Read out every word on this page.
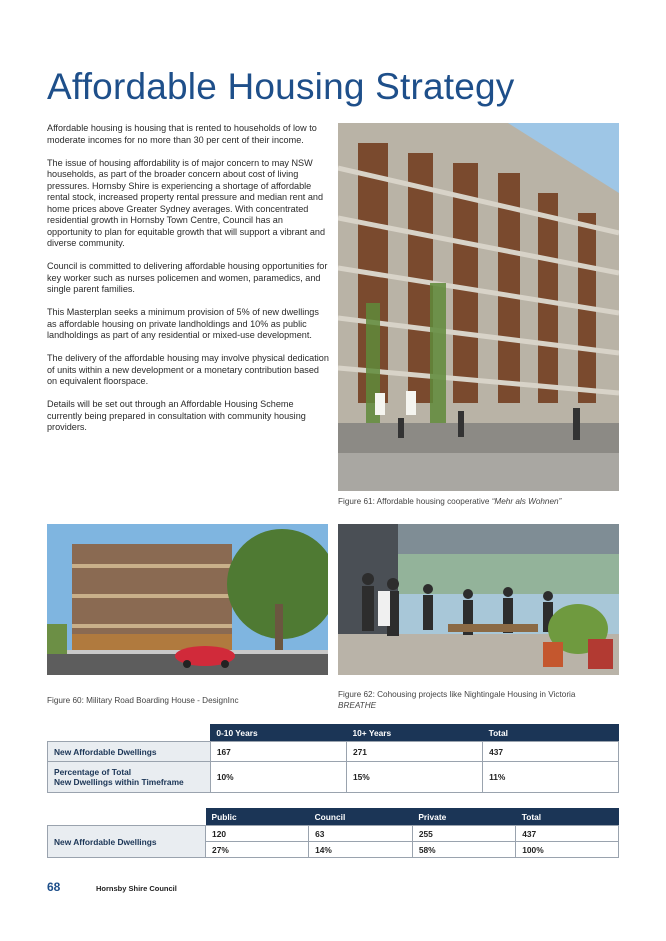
Affordable Housing Strategy

Affordable housing is housing that is rented to households of low to moderate incomes for no more than 30 per cent of their income.

The issue of housing affordability is of major concern to may NSW households, as part of the broader concern about cost of living pressures. Hornsby Shire is experiencing a shortage of affordable rental stock, increased property rental pressure and median rent and home prices above Greater Sydney averages. With concentrated residential growth in Hornsby Town Centre, Council has an opportunity to plan for equitable growth that will support a vibrant and diverse community.

Council is committed to delivering affordable housing opportunities for key worker such as nurses policemen and women, paramedics, and single parent families.

This Masterplan seeks a minimum provision of 5% of new dwellings as affordable housing on private landholdings and 10% as public landholdings as part of any residential or mixed-use development.

The delivery of the affordable housing may involve physical dedication of units within a new development or a monetary contribution based on equivalent floorspace.

Details will be set out through an Affordable Housing Scheme currently being prepared in consultation with community housing providers.

Figure 61: Affordable housing cooperative “Mehr als Wohnen”
Figure 60: Military Road Boarding House - DesignInc
Figure 62: Cohousing projects like Nightingale Housing in Victoria
BREATHE
	0-10 Years	10+ Years	Total
New Affordable Dwellings	167	271	437
Percentage of Total
New Dwellings within Timeframe	10%	15%	11%
	Public	Council	Private	Total
New Affordable Dwellings	120	63	255	437
	27%	14%	58%	100%
68	Hornsby Shire Council
